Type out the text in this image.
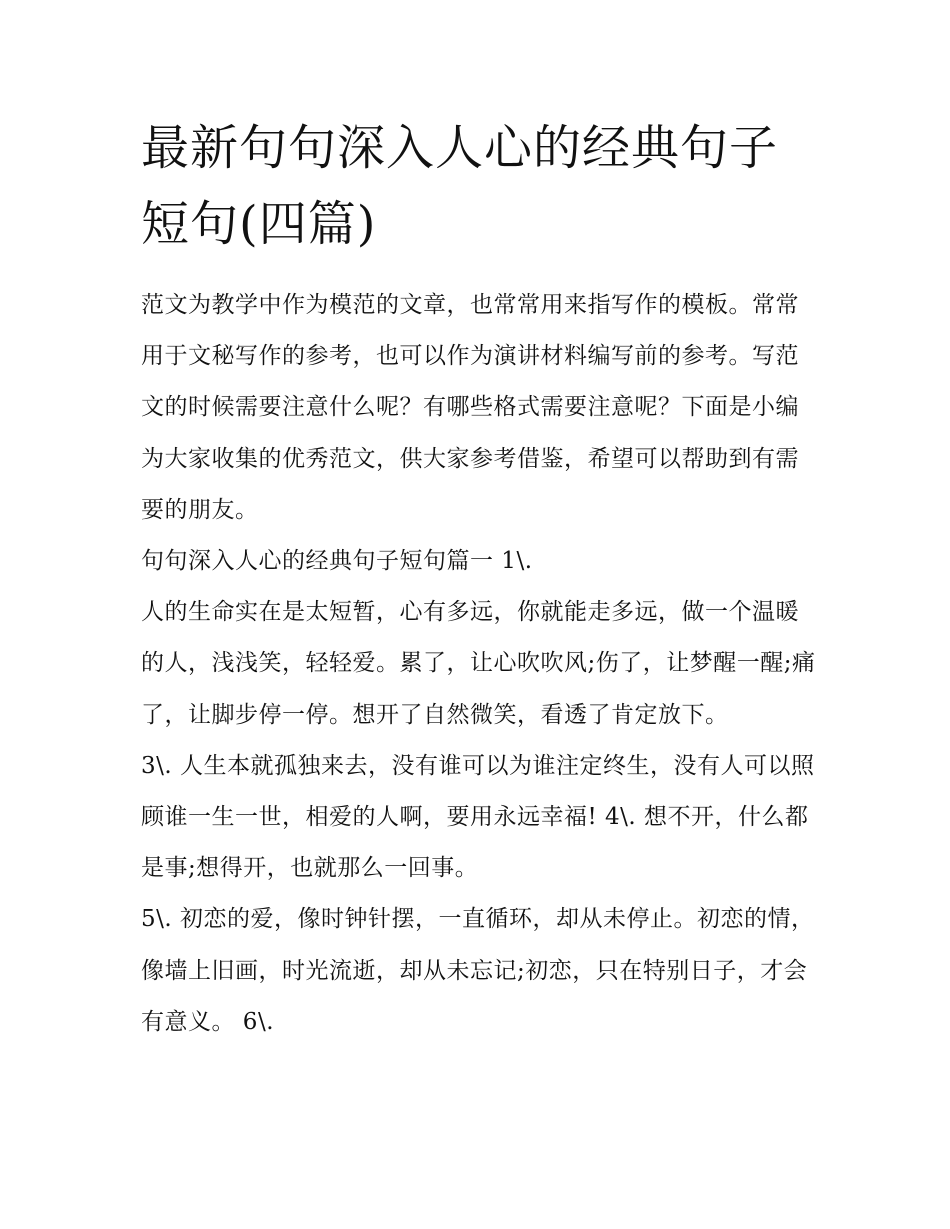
最新句句深入人心的经典句子短句(四篇)

范文为教学中作为模范的文章，也常常用来指写作的模板。常常用于文秘写作的参考，也可以作为演讲材料编写前的参考。写范文的时候需要注意什么呢？有哪些格式需要注意呢？下面是小编为大家收集的优秀范文，供大家参考借鉴，希望可以帮助到有需要的朋友。

句句深入人心的经典句子短句篇一 1\.

人的生命实在是太短暂，心有多远，你就能走多远，做一个温暖的人，浅浅笑，轻轻爱。累了，让心吹吹风;伤了，让梦醒一醒;痛了，让脚步停一停。想开了自然微笑，看透了肯定放下。

3\. 人生本就孤独来去，没有谁可以为谁注定终生，没有人可以照顾谁一生一世，相爱的人啊，要用永远幸福! 4\. 想不开，什么都是事;想得开，也就那么一回事。

5\. 初恋的爱，像时钟针摆，一直循环，却从未停止。初恋的情，像墙上旧画，时光流逝，却从未忘记;初恋，只在特别日子，才会有意义。 6\.
